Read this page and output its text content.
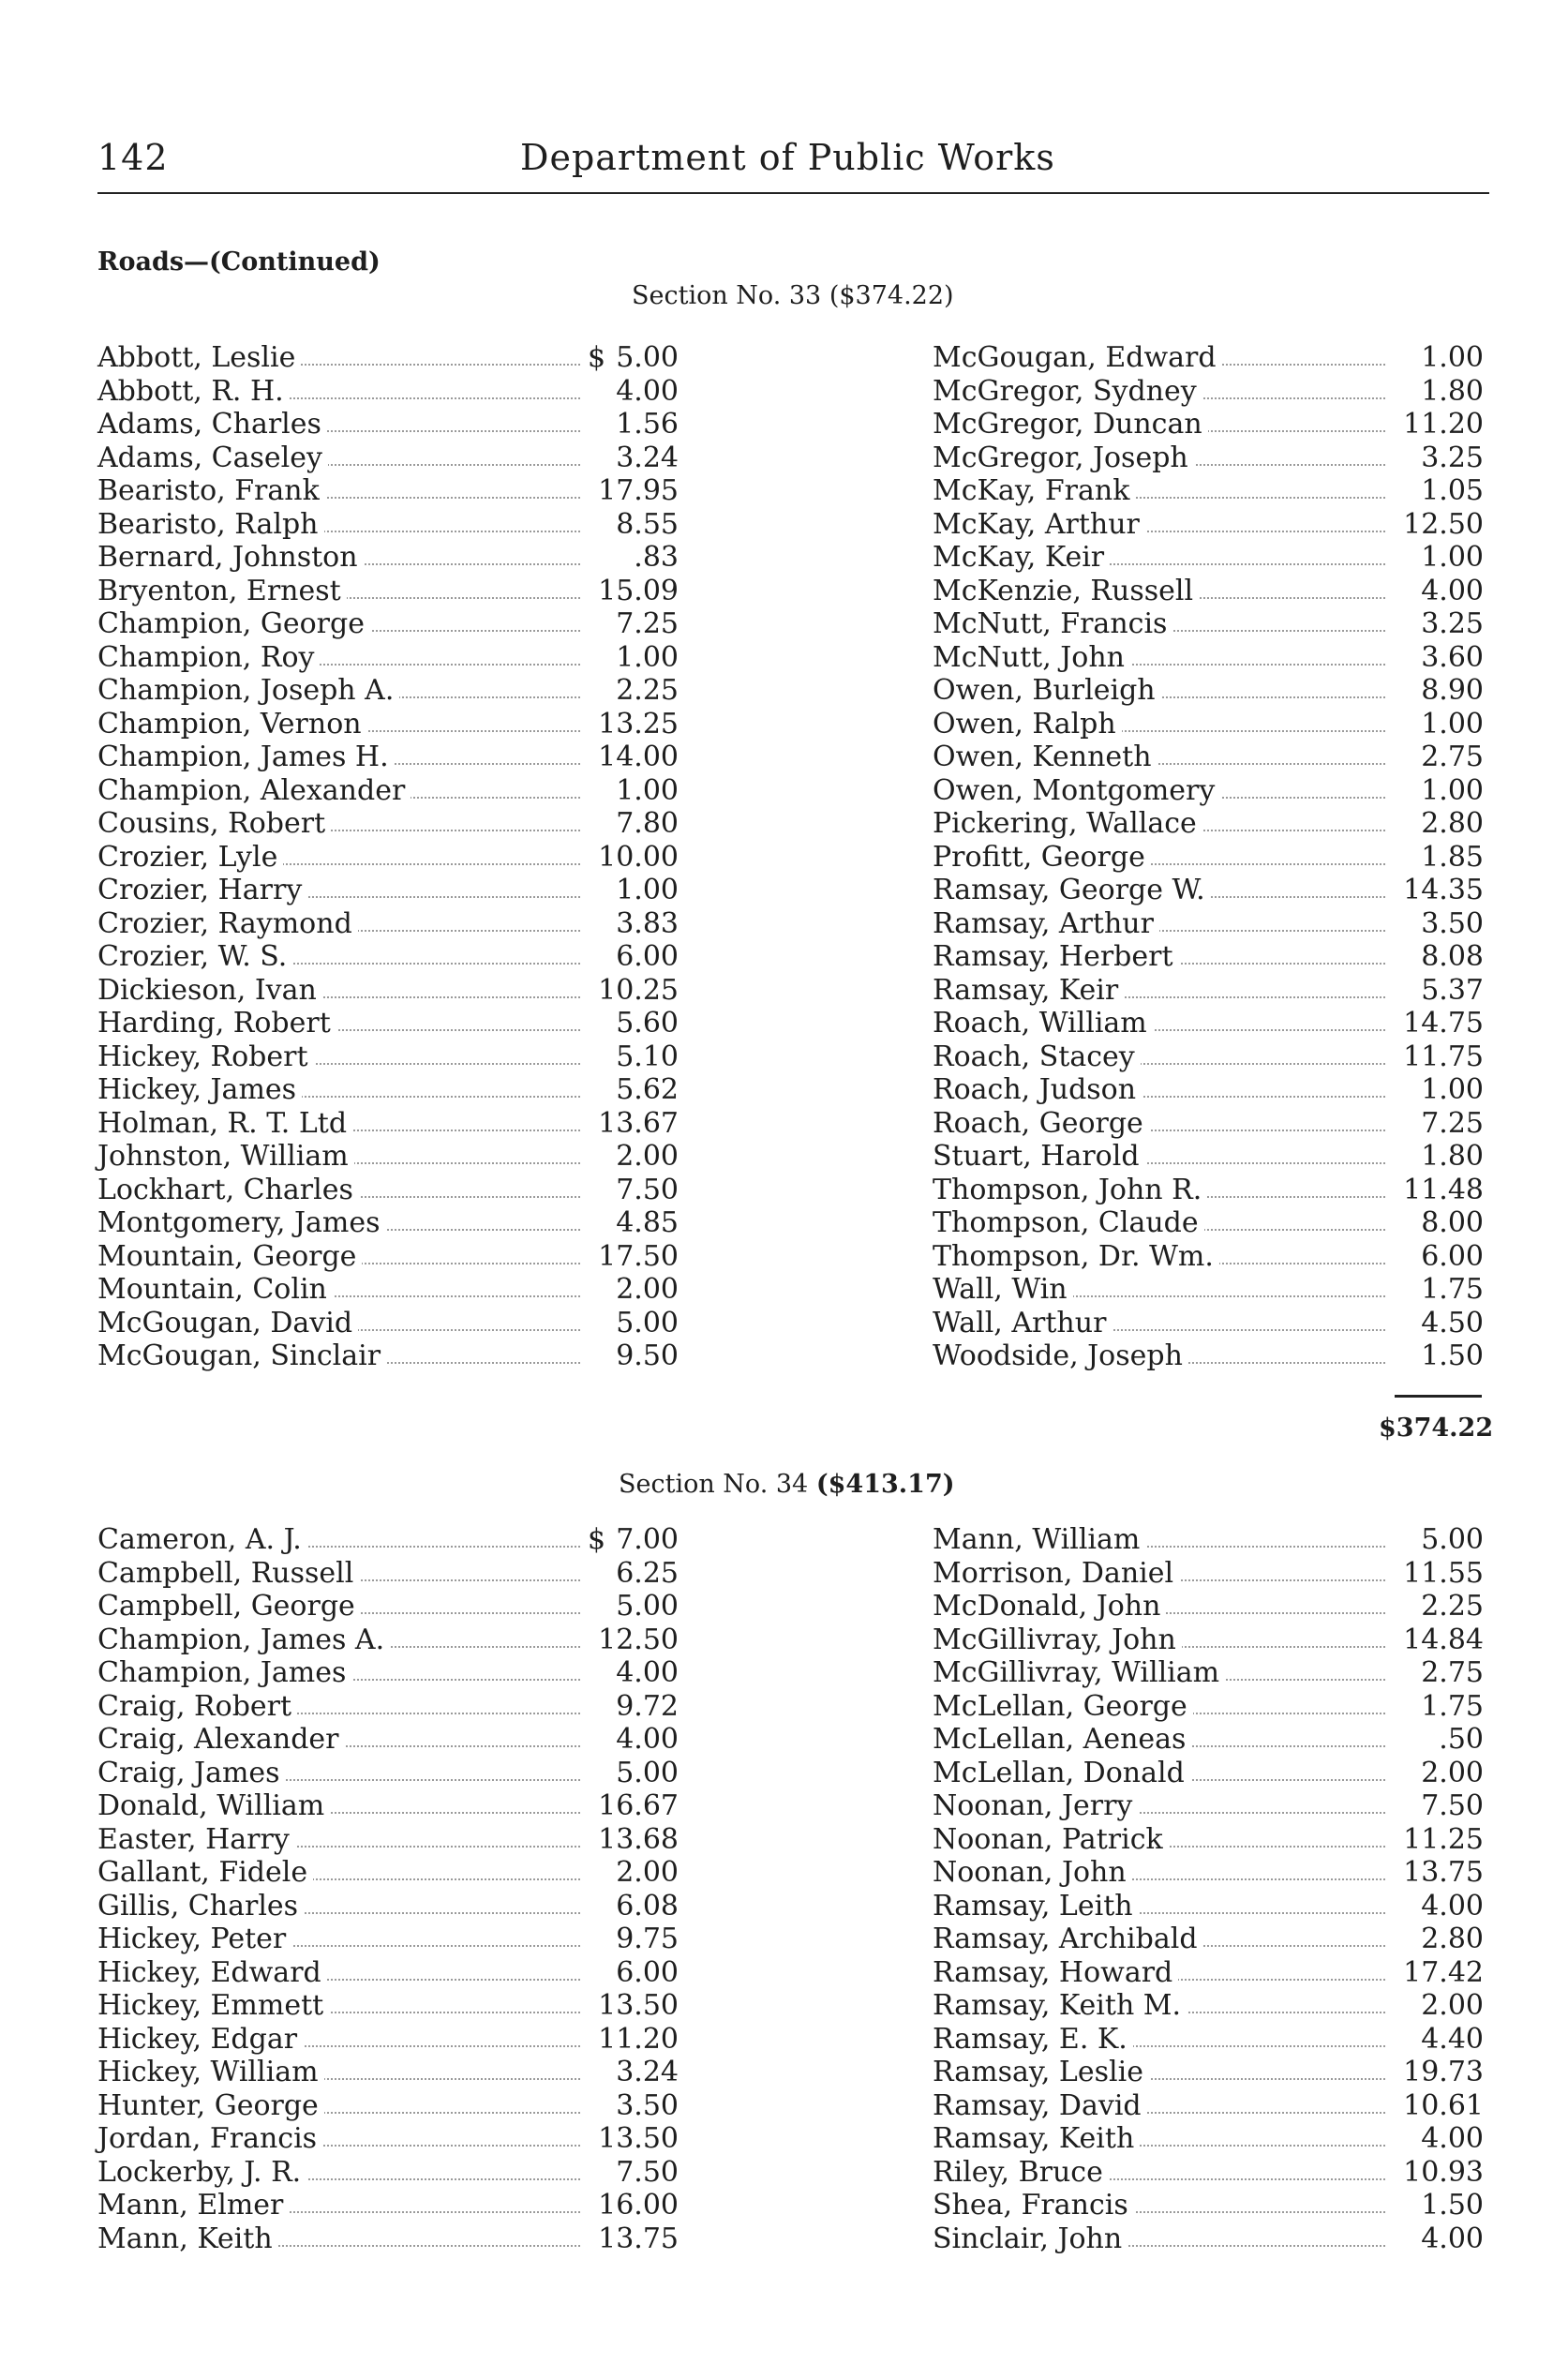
142	Department of Public Works
Roads—(Continued)
Section No. 33 ($374.22)
Abbott, Leslie	$ 5.00
Abbott, R. H.	4.00
Adams, Charles	1.56
Adams, Caseley	3.24
Bearisto, Frank	17.95
Bearisto, Ralph	8.55
Bernard, Johnston	.83
Bryenton, Ernest	15.09
Champion, George	7.25
Champion, Roy	1.00
Champion, Joseph A.	2.25
Champion, Vernon	13.25
Champion, James H.	14.00
Champion, Alexander	1.00
Cousins, Robert	7.80
Crozier, Lyle	10.00
Crozier, Harry	1.00
Crozier, Raymond	3.83
Crozier, W. S.	6.00
Dickieson, Ivan	10.25
Harding, Robert	5.60
Hickey, Robert	5.10
Hickey, James	5.62
Holman, R. T. Ltd	13.67
Johnston, William	2.00
Lockhart, Charles	7.50
Montgomery, James	4.85
Mountain, George	17.50
Mountain, Colin	2.00
McGougan, David	5.00
McGougan, Sinclair	9.50
McGougan, Edward	1.00
McGregor, Sydney	1.80
McGregor, Duncan	11.20
McGregor, Joseph	3.25
McKay, Frank	1.05
McKay, Arthur	12.50
McKay, Keir	1.00
McKenzie, Russell	4.00
McNutt, Francis	3.25
McNutt, John	3.60
Owen, Burleigh	8.90
Owen, Ralph	1.00
Owen, Kenneth	2.75
Owen, Montgomery	1.00
Pickering, Wallace	2.80
Profitt, George	1.85
Ramsay, George W.	14.35
Ramsay, Arthur	3.50
Ramsay, Herbert	8.08
Ramsay, Keir	5.37
Roach, William	14.75
Roach, Stacey	11.75
Roach, Judson	1.00
Roach, George	7.25
Stuart, Harold	1.80
Thompson, John R.	11.48
Thompson, Claude	8.00
Thompson, Dr. Wm.	6.00
Wall, Win	1.75
Wall, Arthur	4.50
Woodside, Joseph	1.50
$374.22
Section No. 34 ($413.17)
Cameron, A. J.	$ 7.00
Campbell, Russell	6.25
Campbell, George	5.00
Champion, James A.	12.50
Champion, James	4.00
Craig, Robert	9.72
Craig, Alexander	4.00
Craig, James	5.00
Donald, William	16.67
Easter, Harry	13.68
Gallant, Fidele	2.00
Gillis, Charles	6.08
Hickey, Peter	9.75
Hickey, Edward	6.00
Hickey, Emmett	13.50
Hickey, Edgar	11.20
Hickey, William	3.24
Hunter, George	3.50
Jordan, Francis	13.50
Lockerby, J. R.	7.50
Mann, Elmer	16.00
Mann, Keith	13.75
Mann, William	5.00
Morrison, Daniel	11.55
McDonald, John	2.25
McGillivray, John	14.84
McGillivray, William	2.75
McLellan, George	1.75
McLellan, Aeneas	.50
McLellan, Donald	2.00
Noonan, Jerry	7.50
Noonan, Patrick	11.25
Noonan, John	13.75
Ramsay, Leith	4.00
Ramsay, Archibald	2.80
Ramsay, Howard	17.42
Ramsay, Keith M.	2.00
Ramsay, E. K.	4.40
Ramsay, Leslie	19.73
Ramsay, David	10.61
Ramsay, Keith	4.00
Riley, Bruce	10.93
Shea, Francis	1.50
Sinclair, John	4.00
